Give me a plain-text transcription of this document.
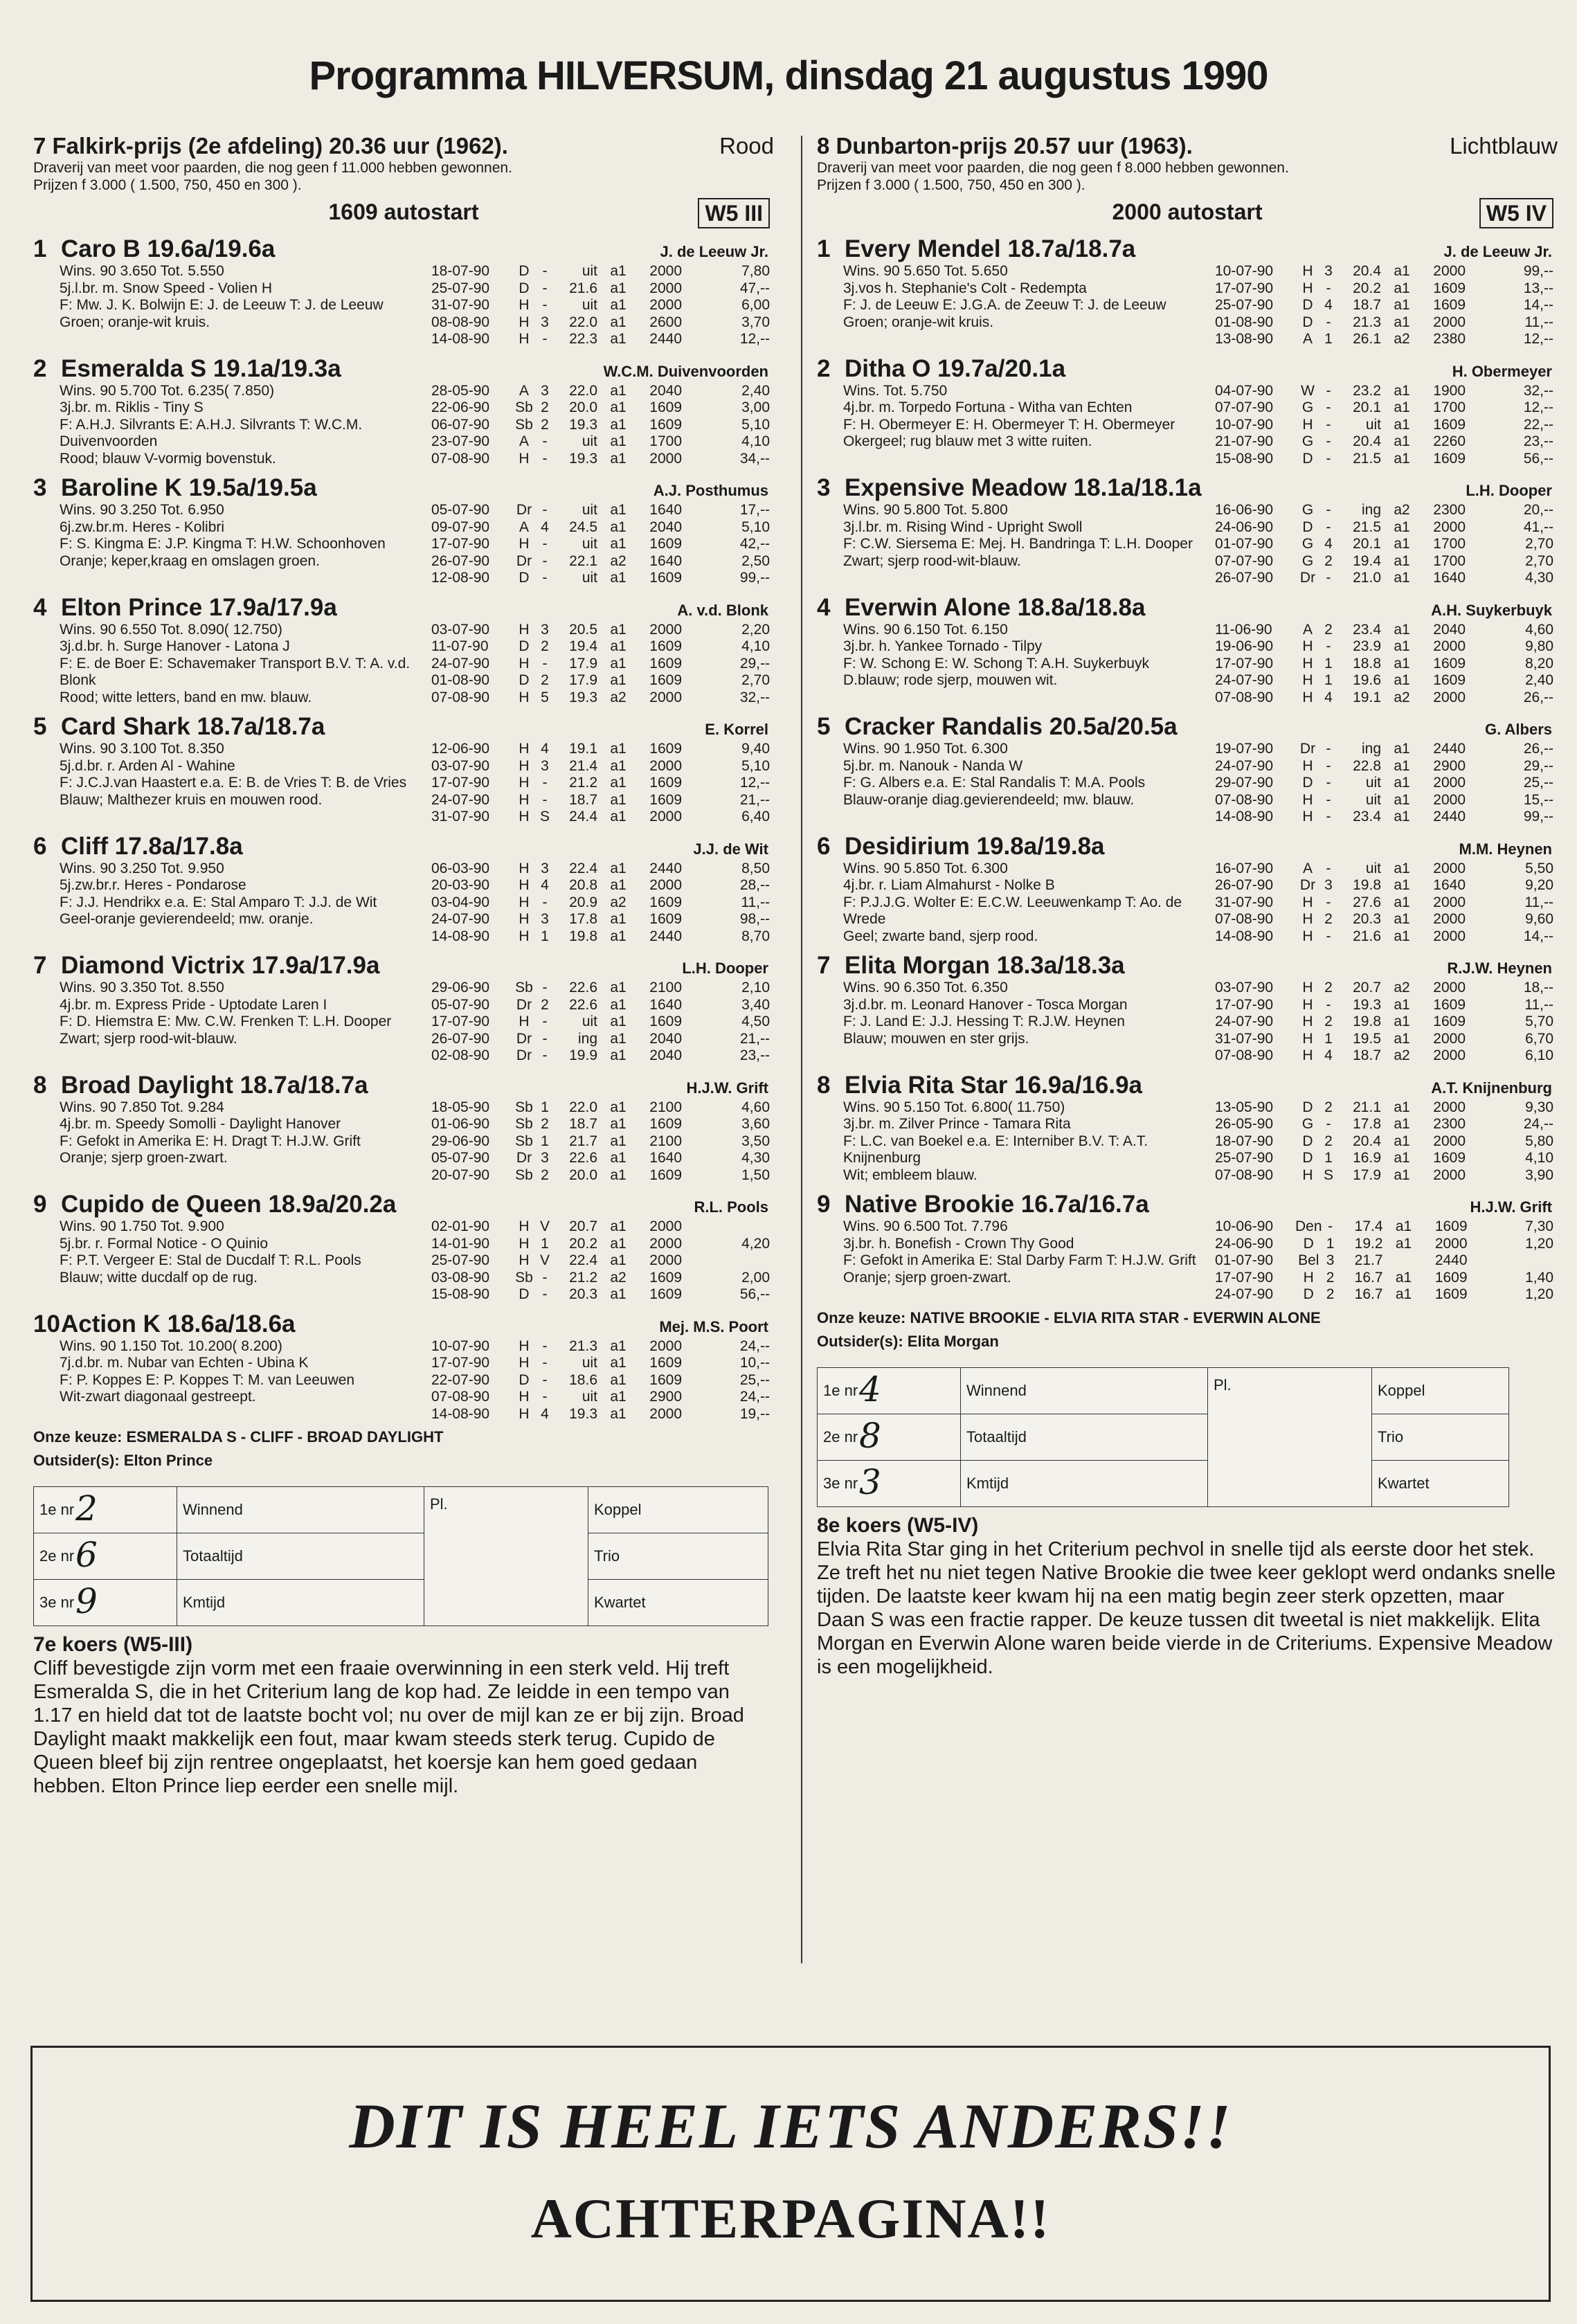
Programma HILVERSUM, dinsdag 21 augustus 1990
7 Falkirk-prijs (2e afdeling) 20.36 uur (1962).	Rood
Draverij van meet voor paarden, die nog geen f 11.000 hebben gewonnen.
Prijzen f 3.000 ( 1.500, 750, 450 en 300 ).
1609 autostart	W5 III
1 Caro B 19.6a/19.6a	J. de Leeuw Jr.
Wins. 90 3.650 Tot. 5.550
5j.l.br. m. Snow Speed - Volien H
F: Mw. J. K. Bolwijn E: J. de Leeuw T: J. de Leeuw
Groen; oranje-wit kruis.
18-07-90	D	-	uit	a1	2000	7,80
25-07-90	D	-	21.6	a1	2000	47,--
31-07-90	H	-	uit	a1	2000	6,00
08-08-90	H	3	22.0	a1	2600	3,70
14-08-90	H	-	22.3	a1	2440	12,--
2 Esmeralda S 19.1a/19.3a	W.C.M. Duivenvoorden
Wins. 90 5.700 Tot. 6.235( 7.850)
3j.br. m. Riklis - Tiny S
F: A.H.J. Silvrants E: A.H.J. Silvrants T: W.C.M. Duivenvoorden
Rood; blauw V-vormig bovenstuk.
28-05-90	A	3	22.0	a1	2040	2,40
22-06-90	Sb	2	20.0	a1	1609	3,00
06-07-90	Sb	2	19.3	a1	1609	5,10
23-07-90	A	-	uit	a1	1700	4,10
07-08-90	H	-	19.3	a1	2000	34,--
3 Baroline K 19.5a/19.5a	A.J. Posthumus
Wins. 90 3.250 Tot. 6.950
6j.zw.br.m. Heres - Kolibri
F: S. Kingma E: J.P. Kingma T: H.W. Schoonhoven
Oranje; keper,kraag en omslagen groen.
05-07-90	Dr	-	uit	a1	1640	17,--
09-07-90	A	4	24.5	a1	2040	5,10
17-07-90	H	-	uit	a1	1609	42,--
26-07-90	Dr	-	22.1	a2	1640	2,50
12-08-90	D	-	uit	a1	1609	99,--
4 Elton Prince 17.9a/17.9a	A. v.d. Blonk
Wins. 90 6.550 Tot. 8.090( 12.750)
3j.d.br. h. Surge Hanover - Latona J
F: E. de Boer E: Schavemaker Transport B.V. T: A. v.d. Blonk
Rood; witte letters, band en mw. blauw.
03-07-90	H	3	20.5	a1	2000	2,20
11-07-90	D	2	19.4	a1	1609	4,10
24-07-90	H	-	17.9	a1	1609	29,--
01-08-90	D	2	17.9	a1	1609	2,70
07-08-90	H	5	19.3	a2	2000	32,--
5 Card Shark 18.7a/18.7a	E. Korrel
Wins. 90 3.100 Tot. 8.350
5j.d.br. r. Arden Al - Wahine
F: J.C.J.van Haastert e.a. E: B. de Vries T: B. de Vries
Blauw; Malthezer kruis en mouwen rood.
12-06-90	H	4	19.1	a1	1609	9,40
03-07-90	H	3	21.4	a1	2000	5,10
17-07-90	H	-	21.2	a1	1609	12,--
24-07-90	H	-	18.7	a1	1609	21,--
31-07-90	H	S	24.4	a1	2000	6,40
6 Cliff 17.8a/17.8a	J.J. de Wit
Wins. 90 3.250 Tot. 9.950
5j.zw.br.r. Heres - Pondarose
F: J.J. Hendrikx e.a. E: Stal Amparo T: J.J. de Wit
Geel-oranje gevierendeeld; mw. oranje.
06-03-90	H	3	22.4	a1	2440	8,50
20-03-90	H	4	20.8	a1	2000	28,--
03-04-90	H	-	20.9	a2	1609	11,--
24-07-90	H	3	17.8	a1	1609	98,--
14-08-90	H	1	19.8	a1	2440	8,70
7 Diamond Victrix 17.9a/17.9a	L.H. Dooper
Wins. 90 3.350 Tot. 8.550
4j.br. m. Express Pride - Uptodate Laren I
F: D. Hiemstra E: Mw. C.W. Frenken T: L.H. Dooper
Zwart; sjerp rood-wit-blauw.
29-06-90	Sb	-	22.6	a1	2100	2,10
05-07-90	Dr	2	22.6	a1	1640	3,40
17-07-90	H	-	uit	a1	1609	4,50
26-07-90	Dr	-	ing	a1	2040	21,--
02-08-90	Dr	-	19.9	a1	2040	23,--
8 Broad Daylight 18.7a/18.7a	H.J.W. Grift
Wins. 90 7.850 Tot. 9.284
4j.br. m. Speedy Somolli - Daylight Hanover
F: Gefokt in Amerika E: H. Dragt T: H.J.W. Grift
Oranje; sjerp groen-zwart.
18-05-90	Sb	1	22.0	a1	2100	4,60
01-06-90	Sb	2	18.7	a1	1609	3,60
29-06-90	Sb	1	21.7	a1	2100	3,50
05-07-90	Dr	3	22.6	a1	1640	4,30
20-07-90	Sb	2	20.0	a1	1609	1,50
9 Cupido de Queen 18.9a/20.2a	R.L. Pools
Wins. 90 1.750 Tot. 9.900
5j.br. r. Formal Notice - O Quinio
F: P.T. Vergeer E: Stal de Ducdalf T: R.L. Pools
Blauw; witte ducdalf op de rug.
02-01-90	H	V	20.7	a1	2000	
14-01-90	H	1	20.2	a1	2000	4,20
25-07-90	H	V	22.4	a1	2000	
03-08-90	Sb	-	21.2	a2	1609	2,00
15-08-90	D	-	20.3	a1	1609	56,--
10Action K 18.6a/18.6a	Mej. M.S. Poort
Wins. 90 1.150 Tot. 10.200( 8.200)
7j.d.br. m. Nubar van Echten - Ubina K
F: P. Koppes E: P. Koppes T: M. van Leeuwen
Wit-zwart diagonaal gestreept.
10-07-90	H	-	21.3	a1	2000	24,--
17-07-90	H	-	uit	a1	1609	10,--
22-07-90	D	-	18.6	a1	1609	25,--
07-08-90	H	-	uit	a1	2900	24,--
14-08-90	H	4	19.3	a1	2000	19,--
Onze keuze: ESMERALDA S - CLIFF - BROAD DAYLIGHT
Outsider(s): Elton Prince
2
1e nr	Winnend	Pl.	Koppel

6
2e nr	Totaaltijd		Trio

9
3e nr	Kmtijd		Kwartet
7e koers (W5-III)

Cliff bevestigde zijn vorm met een fraaie overwinning in een sterk veld. Hij treft Esmeralda S, die in het Criterium lang de kop had. Ze leidde in een tempo van 1.17 en hield dat tot de laatste bocht vol; nu over de mijl kan ze er bij zijn. Broad Daylight maakt makkelijk een fout, maar kwam steeds sterk terug. Cupido de Queen bleef bij zijn rentree ongeplaatst, het koersje kan hem goed gedaan hebben. Elton Prince liep eerder een snelle mijl.

8 Dunbarton-prijs 20.57 uur (1963).	Lichtblauw
Draverij van meet voor paarden, die nog geen f 8.000 hebben gewonnen.
Prijzen f 3.000 ( 1.500, 750, 450 en 300 ).
2000 autostart	W5 IV
1 Every Mendel 18.7a/18.7a	J. de Leeuw Jr.
Wins. 90 5.650 Tot. 5.650
3j.vos h. Stephanie's Colt - Redempta
F: J. de Leeuw E: J.G.A. de Zeeuw T: J. de Leeuw
Groen; oranje-wit kruis.
10-07-90	H	3	20.4	a1	2000	99,--
17-07-90	H	-	20.2	a1	1609	13,--
25-07-90	D	4	18.7	a1	1609	14,--
01-08-90	D	-	21.3	a1	2000	11,--
13-08-90	A	1	26.1	a2	2380	12,--
2 Ditha O 19.7a/20.1a	H. Obermeyer
Wins. Tot. 5.750
4j.br. m. Torpedo Fortuna - Witha van Echten
F: H. Obermeyer E: H. Obermeyer T: H. Obermeyer
Okergeel; rug blauw met 3 witte ruiten.
04-07-90	W	-	23.2	a1	1900	32,--
07-07-90	G	-	20.1	a1	1700	12,--
10-07-90	H	-	uit	a1	1609	22,--
21-07-90	G	-	20.4	a1	2260	23,--
15-08-90	D	-	21.5	a1	1609	56,--
3 Expensive Meadow 18.1a/18.1a	L.H. Dooper
Wins. 90 5.800 Tot. 5.800
3j.l.br. m. Rising Wind - Upright Swoll
F: C.W. Siersema E: Mej. H. Bandringa T: L.H. Dooper
Zwart; sjerp rood-wit-blauw.
16-06-90	G	-	ing	a2	2300	20,--
24-06-90	D	-	21.5	a1	2000	41,--
01-07-90	G	4	20.1	a1	1700	2,70
07-07-90	G	2	19.4	a1	1700	2,70
26-07-90	Dr	-	21.0	a1	1640	4,30
4 Everwin Alone 18.8a/18.8a	A.H. Suykerbuyk
Wins. 90 6.150 Tot. 6.150
3j.br. h. Yankee Tornado - Tilpy
F: W. Schong E: W. Schong T: A.H. Suykerbuyk
D.blauw; rode sjerp, mouwen wit.
11-06-90	A	2	23.4	a1	2040	4,60
19-06-90	H	-	23.9	a1	2000	9,80
17-07-90	H	1	18.8	a1	1609	8,20
24-07-90	H	1	19.6	a1	1609	2,40
07-08-90	H	4	19.1	a2	2000	26,--
5 Cracker Randalis 20.5a/20.5a	G. Albers
Wins. 90 1.950 Tot. 6.300
5j.br. m. Nanouk - Nanda W
F: G. Albers e.a. E: Stal Randalis T: M.A. Pools
Blauw-oranje diag.gevierendeeld; mw. blauw.
19-07-90	Dr	-	ing	a1	2440	26,--
24-07-90	H	-	22.8	a1	2900	29,--
29-07-90	D	-	uit	a1	2000	25,--
07-08-90	H	-	uit	a1	2000	15,--
14-08-90	H	-	23.4	a1	2440	99,--
6 Desidirium 19.8a/19.8a	M.M. Heynen
Wins. 90 5.850 Tot. 6.300
4j.br. r. Liam Almahurst - Nolke B
F: P.J.J.G. Wolter E: E.C.W. Leeuwenkamp T: Ao. de Wrede
Geel; zwarte band, sjerp rood.
16-07-90	A	-	uit	a1	2000	5,50
26-07-90	Dr	3	19.8	a1	1640	9,20
31-07-90	H	-	27.6	a1	2000	11,--
07-08-90	H	2	20.3	a1	2000	9,60
14-08-90	H	-	21.6	a1	2000	14,--
7 Elita Morgan 18.3a/18.3a	R.J.W. Heynen
Wins. 90 6.350 Tot. 6.350
3j.d.br. m. Leonard Hanover - Tosca Morgan
F: J. Land E: J.J. Hessing T: R.J.W. Heynen
Blauw; mouwen en ster grijs.
03-07-90	H	2	20.7	a2	2000	18,--
17-07-90	H	-	19.3	a1	1609	11,--
24-07-90	H	2	19.8	a1	1609	5,70
31-07-90	H	1	19.5	a1	2000	6,70
07-08-90	H	4	18.7	a2	2000	6,10
8 Elvia Rita Star 16.9a/16.9a	A.T. Knijnenburg
Wins. 90 5.150 Tot. 6.800( 11.750)
3j.br. m. Zilver Prince - Tamara Rita
F: L.C. van Boekel e.a. E: Interniber B.V. T: A.T. Knijnenburg
Wit; embleem blauw.
13-05-90	D	2	21.1	a1	2000	9,30
26-05-90	G	-	17.8	a1	2300	24,--
18-07-90	D	2	20.4	a1	2000	5,80
25-07-90	D	1	16.9	a1	1609	4,10
07-08-90	H	S	17.9	a1	2000	3,90
9 Native Brookie 16.7a/16.7a	H.J.W. Grift
Wins. 90 6.500 Tot. 7.796
3j.br. h. Bonefish - Crown Thy Good
F: Gefokt in Amerika E: Stal Darby Farm T: H.J.W. Grift
Oranje; sjerp groen-zwart.
10-06-90	Den	-	17.4	a1	1609	7,30
24-06-90	D	1	19.2	a1	2000	1,20
01-07-90	Bel	3	21.7		2440	
17-07-90	H	2	16.7	a1	1609	1,40
24-07-90	D	2	16.7	a1	1609	1,20
Onze keuze: NATIVE BROOKIE - ELVIA RITA STAR - EVERWIN ALONE
Outsider(s): Elita Morgan
4
1e nr	Winnend	Pl.	Koppel

8
2e nr	Totaaltijd		Trio

3
3e nr	Kmtijd		Kwartet
8e koers (W5-IV)

Elvia Rita Star ging in het Criterium pechvol in snelle tijd als eerste door het stek. Ze treft het nu niet tegen Native Brookie die twee keer geklopt werd ondanks snelle tijden. De laatste keer kwam hij na een matig begin zeer sterk opzetten, maar Daan S was een fractie rapper. De keuze tussen dit tweetal is niet makkelijk. Elita Morgan en Everwin Alone waren beide vierde in de Criteriums. Expensive Meadow is een mogelijkheid.

DIT IS HEEL IETS ANDERS!!
ACHTERPAGINA!!
